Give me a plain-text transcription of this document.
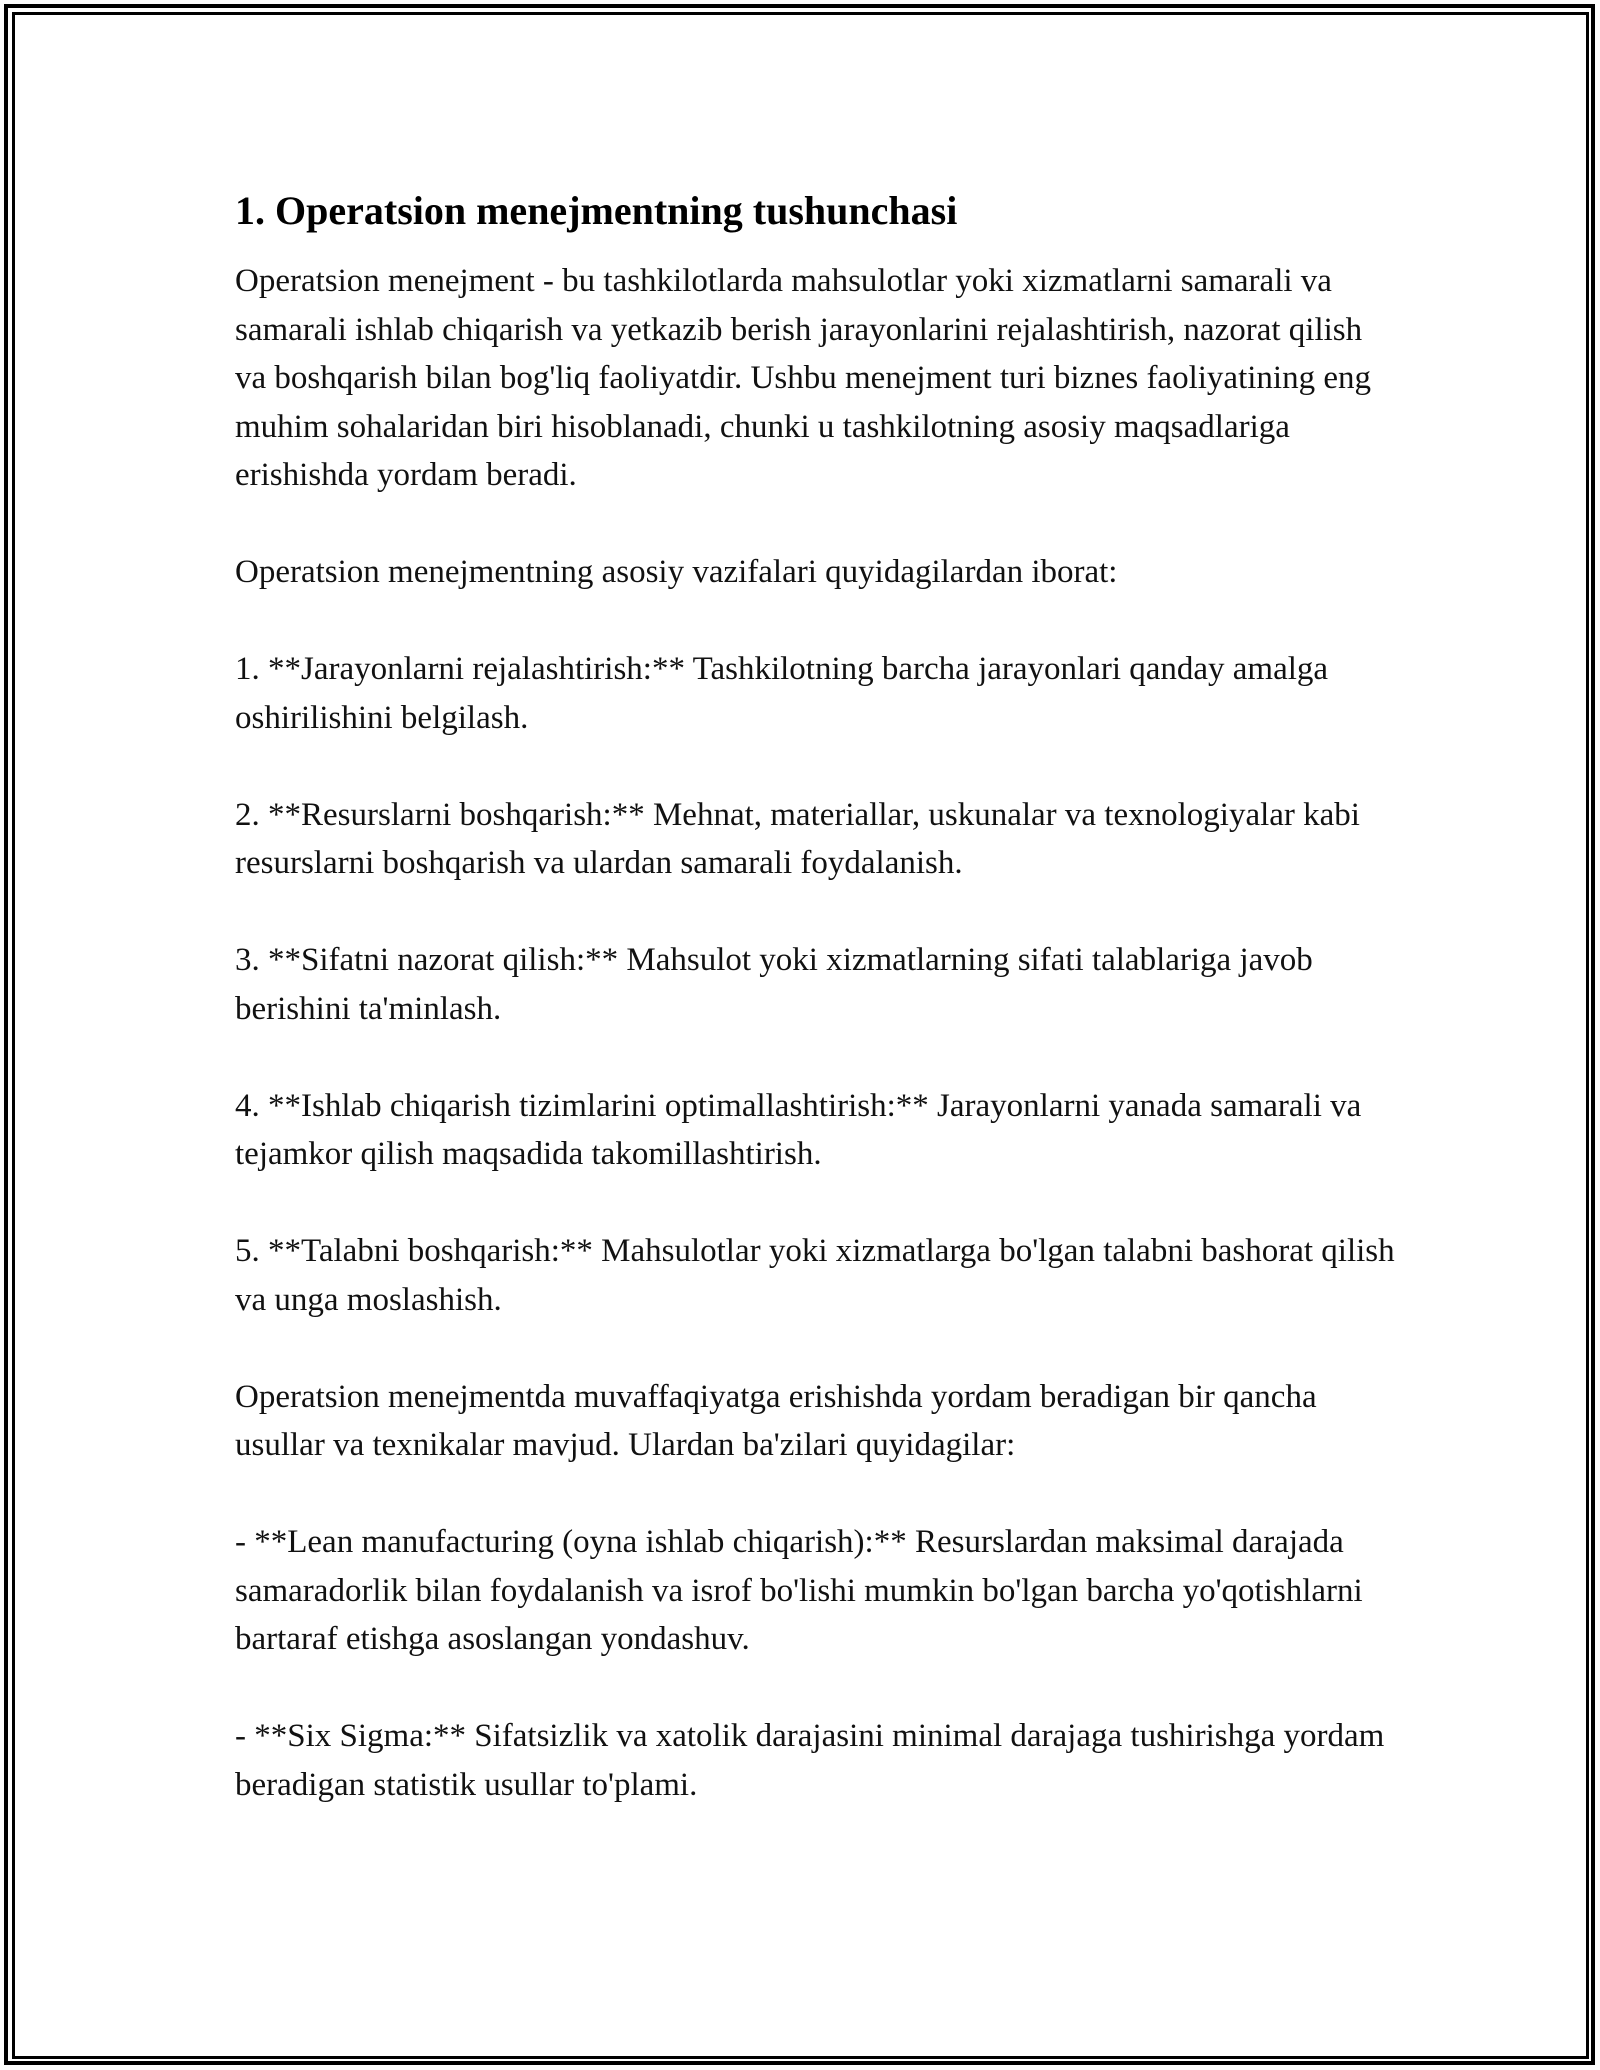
1. Operatsion menejmentning tushunchasi

Operatsion menejment - bu tashkilotlarda mahsulotlar yoki xizmatlarni samarali va samarali ishlab chiqarish va yetkazib berish jarayonlarini rejalashtirish, nazorat qilish va boshqarish bilan bog'liq faoliyatdir. Ushbu menejment turi biznes faoliyatining eng muhim sohalaridan biri hisoblanadi, chunki u tashkilotning asosiy maqsadlariga erishishda yordam beradi.

Operatsion menejmentning asosiy vazifalari quyidagilardan iborat:

1. **Jarayonlarni rejalashtirish:** Tashkilotning barcha jarayonlari qanday amalga oshirilishini belgilash.

2. **Resurslarni boshqarish:** Mehnat, materiallar, uskunalar va texnologiyalar kabi resurslarni boshqarish va ulardan samarali foydalanish.

3. **Sifatni nazorat qilish:** Mahsulot yoki xizmatlarning sifati talablariga javob berishini ta'minlash.

4. **Ishlab chiqarish tizimlarini optimallashtirish:** Jarayonlarni yanada samarali va tejamkor qilish maqsadida takomillashtirish.

5. **Talabni boshqarish:** Mahsulotlar yoki xizmatlarga bo'lgan talabni bashorat qilish va unga moslashish.

Operatsion menejmentda muvaffaqiyatga erishishda yordam beradigan bir qancha usullar va texnikalar mavjud. Ulardan ba'zilari quyidagilar:

- **Lean manufacturing (oyna ishlab chiqarish):** Resurslardan maksimal darajada samaradorlik bilan foydalanish va isrof bo'lishi mumkin bo'lgan barcha yo'qotishlarni bartaraf etishga asoslangan yondashuv.

- **Six Sigma:** Sifatsizlik va xatolik darajasini minimal darajaga tushirishga yordam beradigan statistik usullar to'plami.
